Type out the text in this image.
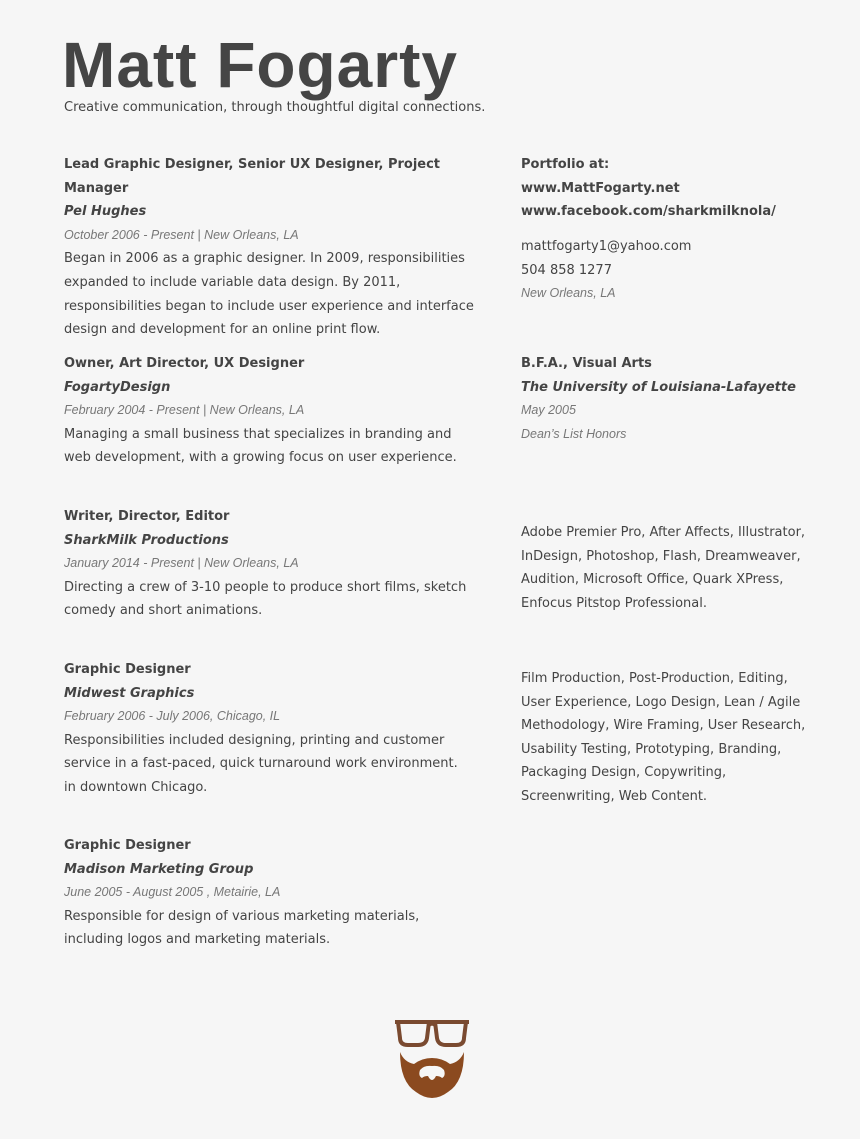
Matt Fogarty
Creative communication, through thoughtful digital connections.
Lead Graphic Designer, Senior UX Designer, Project Manager
Pel Hughes
October 2006 - Present | New Orleans, LA
Began in 2006 as a graphic designer. In 2009, responsibilities expanded to include variable data design. By 2011, responsibilities began to include user experience and interface design and development for an online print flow.
Owner, Art Director, UX Designer
FogartyDesign
February 2004 - Present | New Orleans, LA
Managing a small business that specializes in branding and web development, with a growing focus on user experience.
Writer, Director, Editor
SharkMilk Productions
January 2014 - Present | New Orleans, LA
Directing a crew of 3-10 people to produce short films, sketch comedy and short animations.
Graphic Designer
Midwest Graphics
February 2006 - July 2006, Chicago, IL
Responsibilities included designing, printing and customer service in a fast-paced, quick turnaround work environment. in downtown Chicago.
Graphic Designer
Madison Marketing Group
June 2005 - August 2005 , Metairie, LA
Responsible for design of various marketing materials, including logos and marketing materials.
Portfolio at:
www.MattFogarty.net
www.facebook.com/sharkmilknola/
mattfogarty1@yahoo.com
504 858 1277
New Orleans, LA
B.F.A., Visual Arts
The University of Louisiana-Lafayette
May 2005
Dean’s List Honors
Adobe Premier Pro, After Affects, Illustrator, InDesign, Photoshop, Flash, Dreamweaver, Audition, Microsoft Office, Quark XPress, Enfocus Pitstop Professional.
Film Production, Post-Production, Editing, User Experience, Logo Design, Lean / Agile Methodology, Wire Framing, User Research, Usability Testing, Prototyping, Branding, Packaging Design, Copywriting, Screenwriting, Web Content.
